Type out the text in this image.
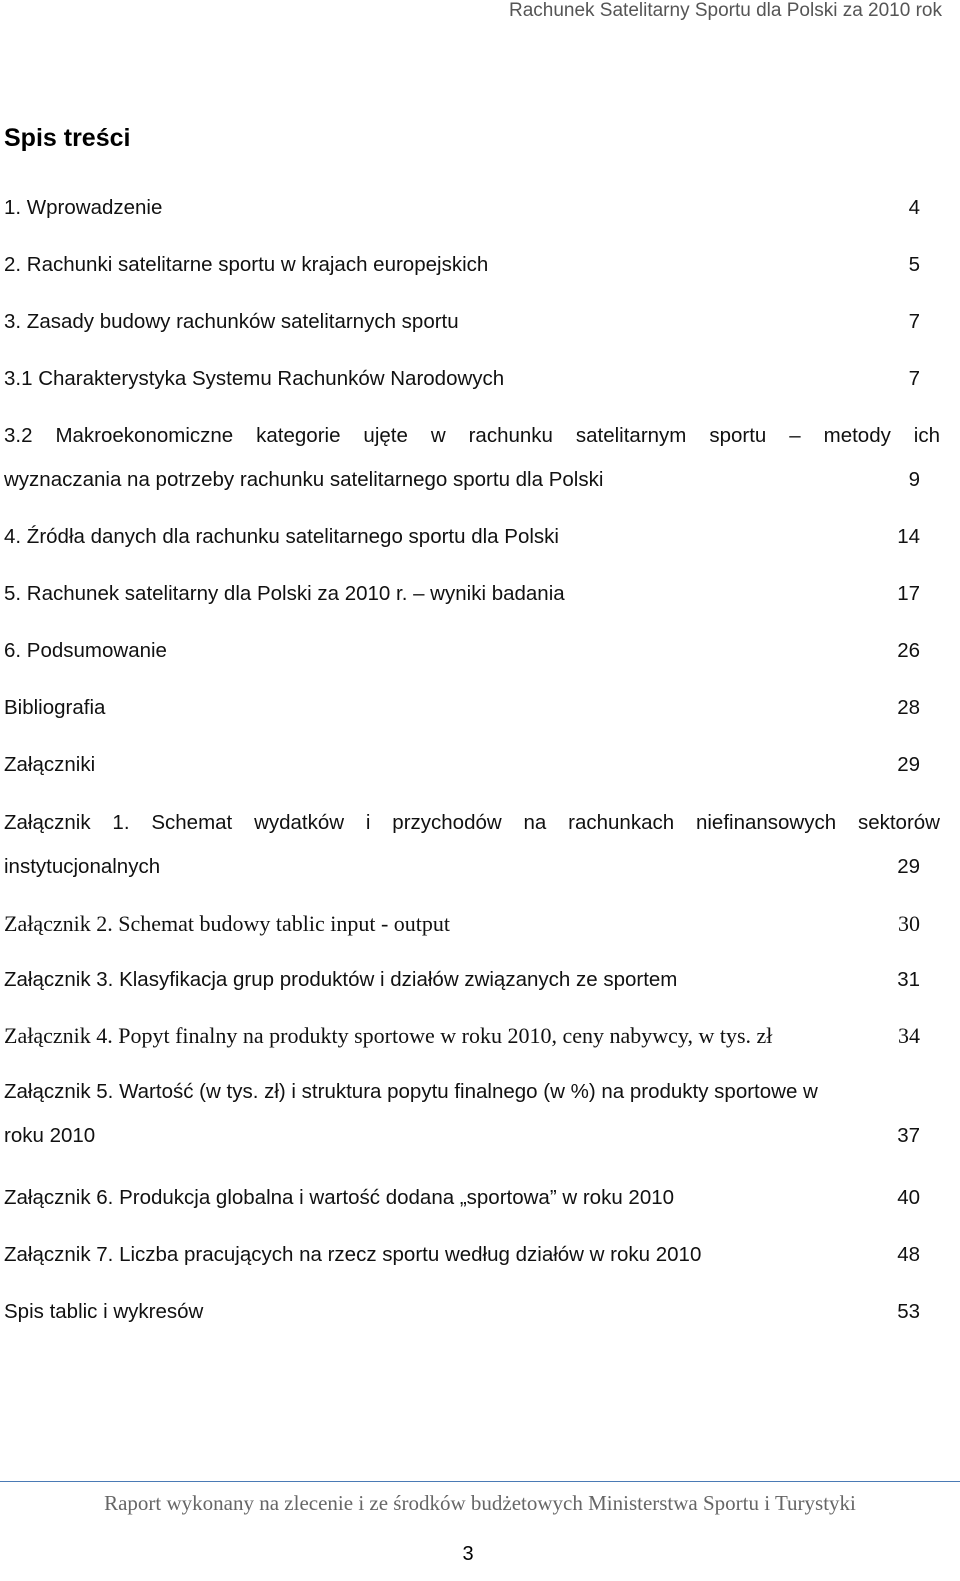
Rachunek Satelitarny Sportu dla Polski za 2010 rok
Spis treści
1. Wprowadzenie	4
2. Rachunki satelitarne sportu w krajach europejskich	5
3. Zasady budowy rachunków satelitarnych sportu	7
3.1 Charakterystyka Systemu Rachunków Narodowych	7
3.2 Makroekonomiczne kategorie ujęte w rachunku satelitarnym sportu – metody ich
wyznaczania na potrzeby rachunku satelitarnego sportu dla Polski	9
4. Źródła danych dla rachunku satelitarnego sportu dla Polski	14
5. Rachunek satelitarny dla Polski za 2010 r. – wyniki badania	17
6. Podsumowanie	26
Bibliografia	28
Załączniki	29
Załącznik 1. Schemat wydatków i przychodów na rachunkach niefinansowych sektorów
instytucjonalnych	29
Załącznik 2. Schemat budowy tablic input - output	30
Załącznik 3. Klasyfikacja grup produktów i działów związanych ze sportem	31
Załącznik 4. Popyt finalny na produkty sportowe w roku 2010, ceny nabywcy, w tys. zł	34
Załącznik 5. Wartość (w tys. zł) i struktura popytu finalnego (w %) na produkty sportowe w
roku 2010	37
Załącznik 6. Produkcja globalna i wartość dodana „sportowa” w roku 2010	40
Załącznik 7. Liczba pracujących na rzecz sportu według działów w roku 2010	48
Spis tablic i wykresów	53
Raport wykonany na zlecenie i ze środków budżetowych Ministerstwa Sportu i Turystyki
3
